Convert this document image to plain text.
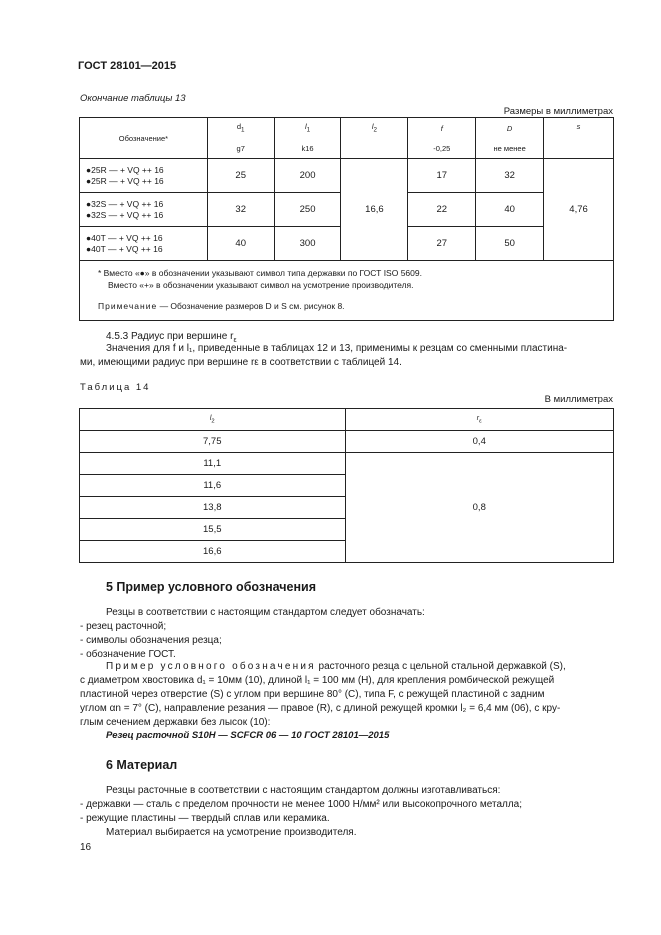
ГОСТ 28101—2015
Окончание таблицы 13
Размеры в миллиметрах
Обозначение*	$d_1$	$l_1$	$l_2$	f	D	s
	g7	k16		-0,25	не менее	

●25R — + VQ ++ 16
●25R — + VQ ++ 16	25	200	16,6	17	32	4,76

●32S — + VQ ++ 16
●32S — + VQ ++ 16	32	250		22	40	

●40T — + VQ ++ 16
●40T — + VQ ++ 16	40	300		27	50	

* Вместо «●» в обозначении указывают символ типа державки по ГОСТ ISO 5609.
Вместо «+» в обозначении указывают символ на усмотрение производителя.
Примечание — Обозначение размеров D и S см. рисунок 8.						
4.5.3 Радиус при вершине $r_\varepsilon$
Значения для f и l₁, приведенные в таблицах 12 и 13, применимы к резцам со сменными пластина-
ми, имеющими радиус при вершине rε в соответствии с таблицей 14.
Таблица 14
В миллиметрах
$l_2$	$r_\varepsilon$
7,75	0,4
11,1	0,8
11,6	
13,8	
15,5	
16,6	
5 Пример условного обозначения
Резцы в соответствии с настоящим стандартом следует обозначать:
- резец расточной;
- символы обозначения резца;
- обозначение ГОСТ.
Пример условного обозначения расточного резца с цельной стальной державкой (S),
с диаметром хвостовика d₁ = 10мм (10), длиной l₁ = 100 мм (H), для крепления ромбической режущей
пластиной через отверстие (S) с углом при вершине 80° (C), типа F, с режущей пластиной с задним
углом αn = 7° (C), направление резания — правое (R), с длиной режущей кромки l₂ = 6,4 мм (06), с кру-
глым сечением державки без лысок (10):
Резец расточной S10H — SCFCR 06 — 10 ГОСТ 28101—2015
6 Материал
Резцы расточные в соответствии с настоящим стандартом должны изготавливаться:
- державки — сталь с пределом прочности не менее 1000 Н/мм² или высокопрочного металла;
- режущие пластины — твердый сплав или керамика.
Материал выбирается на усмотрение производителя.
16
